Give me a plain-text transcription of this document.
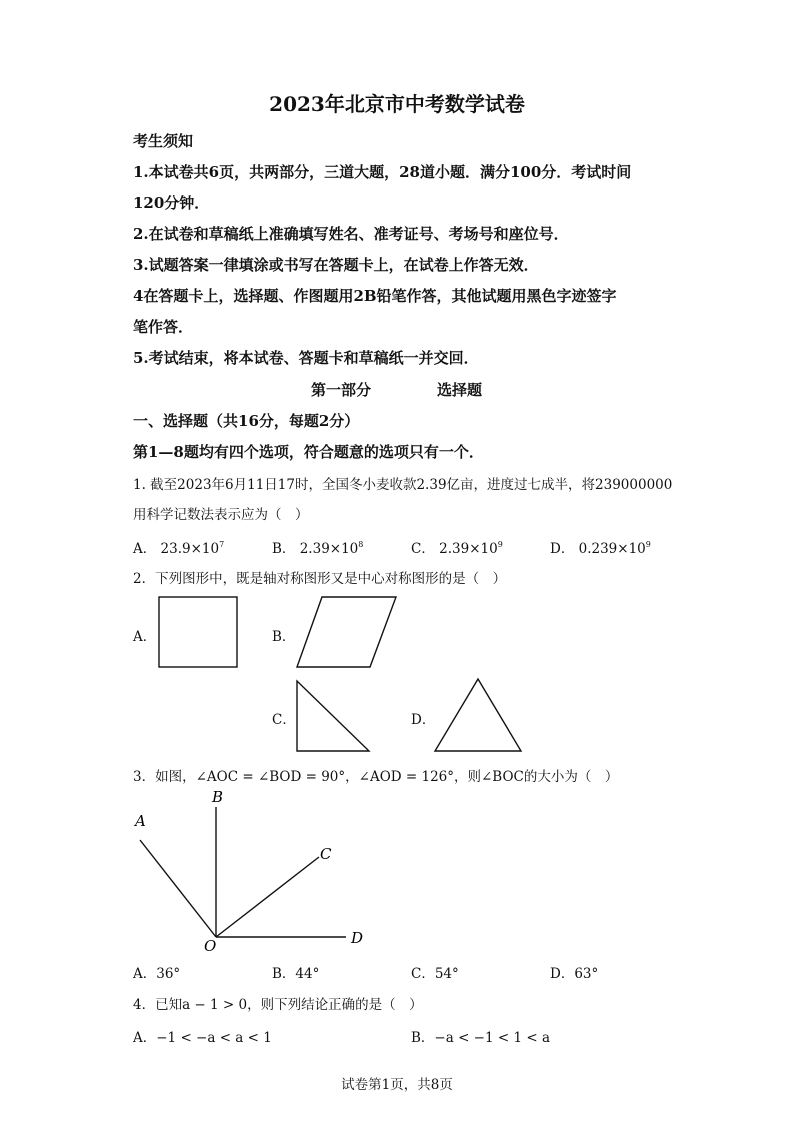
2023年北京市中考数学试卷
考生须知
1.本试卷共6页，共两部分，三道大题，28道小题．满分100分．考试时间
120分钟．
2.在试卷和草稿纸上准确填写姓名、准考证号、考场号和座位号．
3.试题答案一律填涂或书写在答题卡上，在试卷上作答无效．
4在答题卡上，选择题、作图题用2B铅笔作答，其他试题用黑色字迹签字
笔作答．
5.考试结束，将本试卷、答题卡和草稿纸一并交回．
第一部分	选择题
一、选择题（共16分，每题2分）
第1—8题均有四个选项，符合题意的选项只有一个．
1. 截至2023年6月11日17时，全国冬小麦收款2.39亿亩，进度过七成半，将239000000
用科学记数法表示应为（　）
A． $23.9\times 10^7$	B． $2.39\times 10^8$	C． $2.39\times 10^9$	D． $0.239\times 10^9$
2．下列图形中，既是轴对称图形又是中心对称图形的是（　）
A．	B．
C．	D．
3．如图，∠AOC = ∠BOD = 90°，∠AOD = 126°，则∠BOC的大小为（　）
B
A
C
D
O
A．36°	B．44°	C．54°	D．63°
4．已知a − 1 > 0，则下列结论正确的是（　）
A．−1 < −a < a < 1	B．−a < −1 < 1 < a
试卷第1页，共8页
